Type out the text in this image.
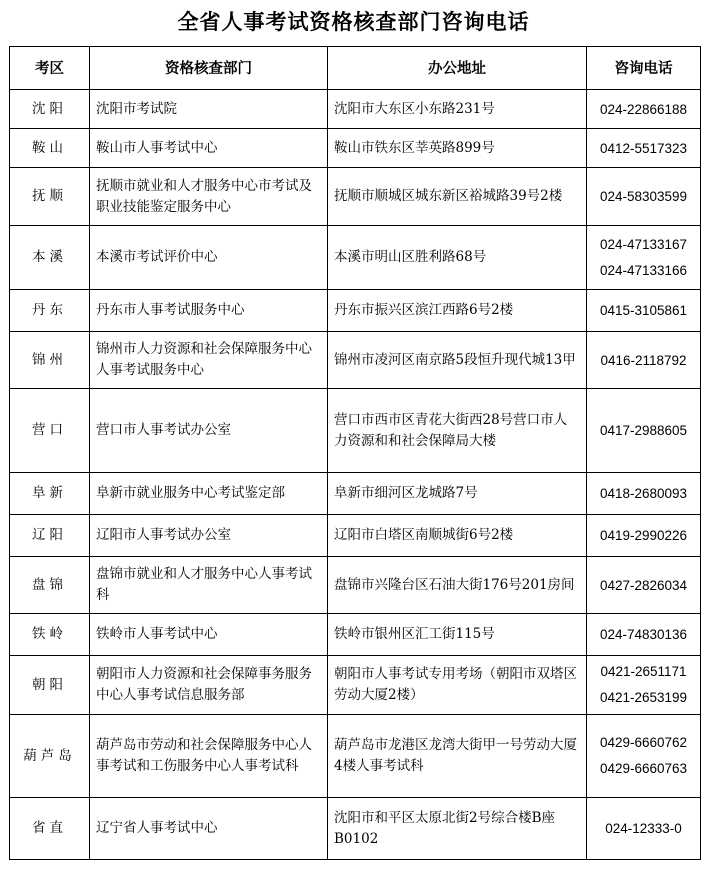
全省人事考试资格核查部门咨询电话
考区	资格核查部门	办公地址	咨询电话
沈阳	沈阳市考试院	沈阳市大东区小东路231号	024-22866188

鞍山	鞍山市人事考试中心	鞍山市铁东区莘英路899号	0412-5517323

抚顺	抚顺市就业和人才服务中心市考试及职业技能鉴定服务中心	抚顺市顺城区城东新区裕城路39号2楼	024-58303599

本溪	本溪市考试评价中心	本溪市明山区胜利路68号	024-47133167
024-47133166

丹东	丹东市人事考试服务中心	丹东市振兴区滨江西路6号2楼	0415-3105861

锦州	锦州市人力资源和社会保障服务中心人事考试服务中心	锦州市凌河区南京路5段恒升现代城13甲	0416-2118792

营口	营口市人事考试办公室	营口市西市区青花大街西28号营口市人力资源和和社会保障局大楼	0417-2988605

阜新	阜新市就业服务中心考试鉴定部	阜新市细河区龙城路7号	0418-2680093

辽阳	辽阳市人事考试办公室	辽阳市白塔区南顺城街6号2楼	0419-2990226

盘锦	盘锦市就业和人才服务中心人事考试科	盘锦市兴隆台区石油大街176号201房间	0427-2826034

铁岭	铁岭市人事考试中心	铁岭市银州区汇工街115号	024-74830136

朝阳	朝阳市人力资源和社会保障事务服务中心人事考试信息服务部	朝阳市人事考试专用考场（朝阳市双塔区劳动大厦2楼）	0421-2651171
0421-2653199

葫芦岛	葫芦岛市劳动和社会保障服务中心人事考试和工伤服务中心人事考试科	葫芦岛市龙港区龙湾大街甲一号劳动大厦4楼人事考试科	0429-6660762
0429-6660763

省直	辽宁省人事考试中心	沈阳市和平区太原北街2号综合楼B座B0102	024-12333-0
